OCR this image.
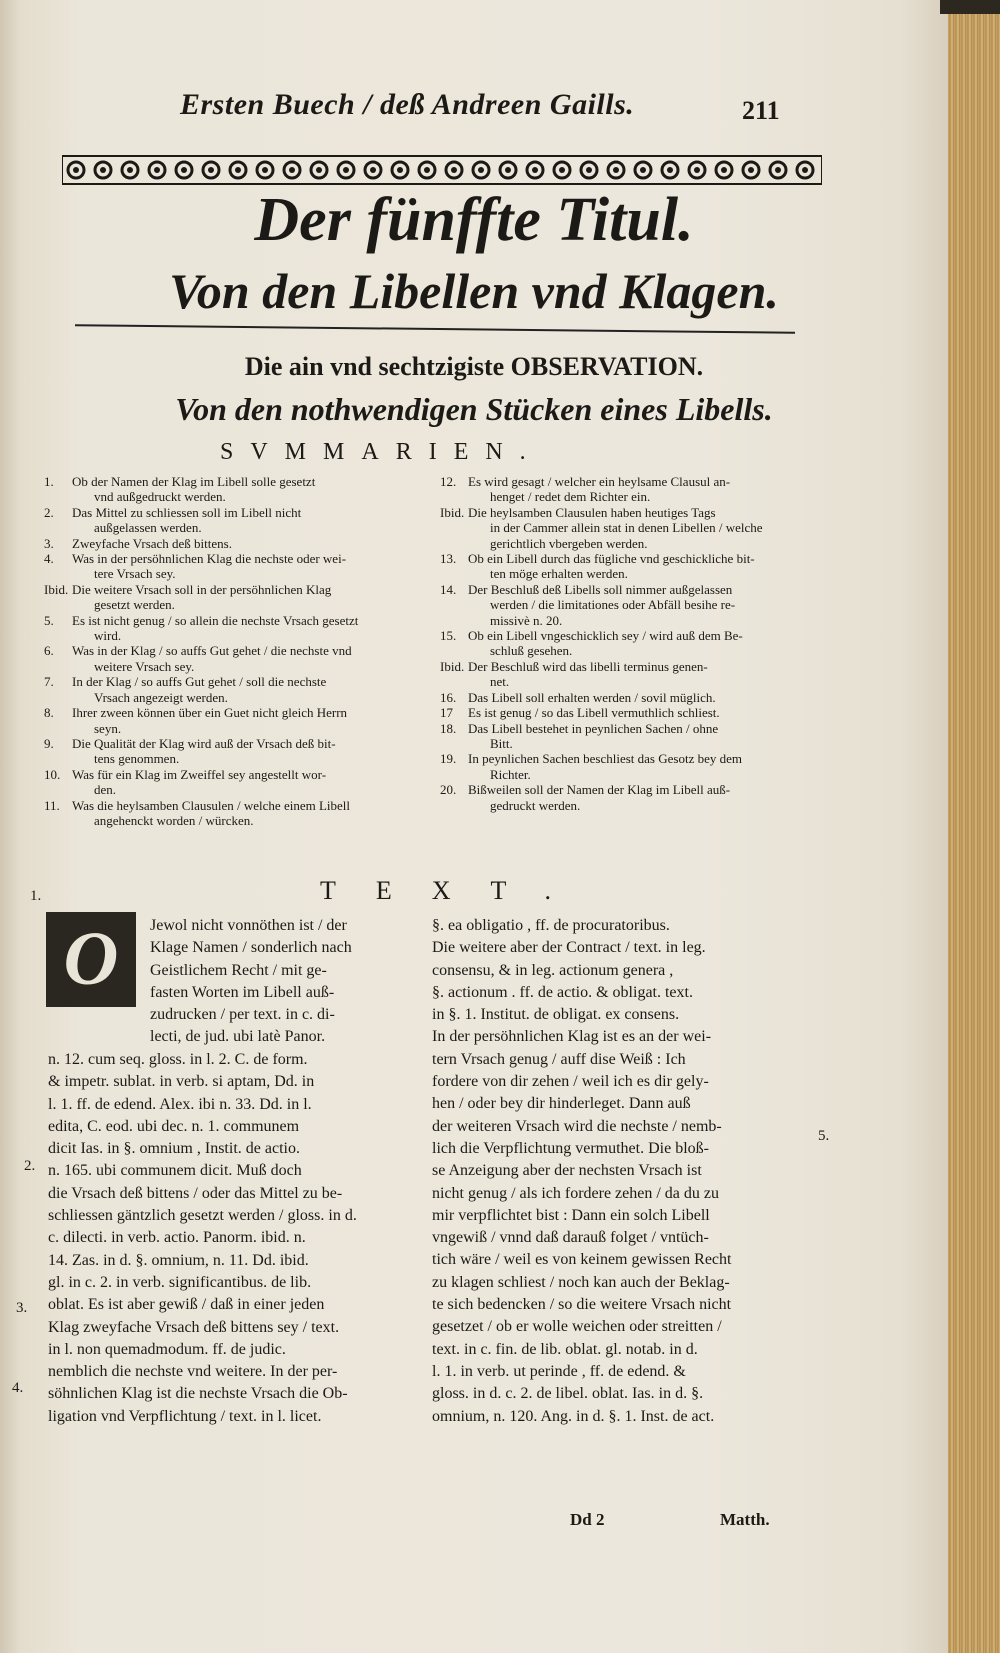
Ersten Buech / deß Andreen Gaills.	211
Der fünffte Titul.
Von den Libellen vnd Klagen.
Die ain vnd sechtzigiste OBSERVATION.
Von den nothwendigen Stücken eines Libells.
SVMMARIEN.
1.	Ob der Namen der Klag im Libell solle gesetzt
vnd außgedruckt werden.
2.	Das Mittel zu schliessen soll im Libell nicht
außgelassen werden.
3.	Zweyfache Vrsach deß bittens.
4.	Was in der persöhnlichen Klag die nechste oder wei-
tere Vrsach sey.
Ibid. Die weitere Vrsach soll in der persöhnlichen Klag
gesetzt werden.
5.	Es ist nicht genug / so allein die nechste Vrsach gesetzt
wird.
6.	Was in der Klag / so auffs Gut gehet / die nechste vnd
weitere Vrsach sey.
7.	In der Klag / so auffs Gut gehet / soll die nechste
Vrsach angezeigt werden.
8.	Ihrer zween können über ein Guet nicht gleich Herrn
seyn.
9.	Die Qualität der Klag wird auß der Vrsach deß bit-
tens genommen.
10. Was für ein Klag im Zweiffel sey angestellt wor-
den.
11. Was die heylsamben Clausulen / welche einem Libell
angehenckt worden / würcken.
12. Es wird gesagt / welcher ein heylsame Clausul an-
henget / redet dem Richter ein.
Ibid. Die heylsamben Clausulen haben heutiges Tags
in der Cammer allein stat in denen Libellen / welche
gerichtlich vbergeben werden.
13. Ob ein Libell durch das fügliche vnd geschickliche bit-
ten möge erhalten werden.
14. Der Beschluß deß Libells soll nimmer außgelassen
werden / die limitationes oder Abfäll besihe re-
missivè n. 20.
15. Ob ein Libell vngeschicklich sey / wird auß dem Be-
schluß gesehen.
Ibid. Der Beschluß wird das libelli terminus genen-
net.
16. Das Libell soll erhalten werden / sovil müglich.
17	Es ist genug / so das Libell vermuthlich schliest.
18. Das Libell bestehet in peynlichen Sachen / ohne
Bitt.
19. In peynlichen Sachen beschliest das Gesotz bey dem
Richter.
20. Bißweilen soll der Namen der Klag im Libell auß-
gedruckt werden.
TEXT.
1.
2.
3.
4.
5.
O	Jewol nicht vonnöthen ist / der
Klage Namen / sonderlich nach
Geistlichem Recht / mit ge-
fasten Worten im Libell auß-
zudrucken / per text. in c. di-
lecti, de jud. ubi latè Panor.
n. 12. cum seq. gloss. in l. 2. C. de form.
& impetr. sublat. in verb. si aptam, Dd. in
l. 1. ff. de edend. Alex. ibi n. 33. Dd. in l.
edita, C. eod. ubi dec. n. 1. communem
dicit Ias. in §. omnium , Instit. de actio.
n. 165. ubi communem dicit. Muß doch
die Vrsach deß bittens / oder das Mittel zu be-
schliessen gäntzlich gesetzt werden / gloss. in d.
c. dilecti. in verb. actio. Panorm. ibid. n.
14. Zas. in d. §. omnium, n. 11. Dd. ibid.
gl. in c. 2. in verb. significantibus. de lib.
oblat. Es ist aber gewiß / daß in einer jeden
Klag zweyfache Vrsach deß bittens sey / text.
in l. non quemadmodum. ff. de judic.
nemblich die nechste vnd weitere. In der per-
söhnlichen Klag ist die nechste Vrsach die Ob-
ligation vnd Verpflichtung / text. in l. licet.
§. ea obligatio , ff. de procuratoribus.
Die weitere aber der Contract / text. in leg.
consensu, & in leg. actionum genera ,
§. actionum . ff. de actio. & obligat. text.
in §. 1. Institut. de obligat. ex consens.
In der persöhnlichen Klag ist es an der wei-
tern Vrsach genug / auff dise Weiß : Ich
fordere von dir zehen / weil ich es dir gely-
hen / oder bey dir hinderleget. Dann auß
der weiteren Vrsach wird die nechste / nemb-
lich die Verpflichtung vermuthet. Die bloß-
se Anzeigung aber der nechsten Vrsach ist
nicht genug / als ich fordere zehen / da du zu
mir verpflichtet bist : Dann ein solch Libell
vngewiß / vnnd daß darauß folget / vntüch-
tich wäre / weil es von keinem gewissen Recht
zu klagen schliest / noch kan auch der Beklag-
te sich bedencken / so die weitere Vrsach nicht
gesetzet / ob er wolle weichen oder streitten /
text. in c. fin. de lib. oblat. gl. notab. in d.
l. 1. in verb. ut perinde , ff. de edend. &
gloss. in d. c. 2. de libel. oblat. Ias. in d. §.
omnium, n. 120. Ang. in d. §. 1. Inst. de act.
Dd 2	Matth.
